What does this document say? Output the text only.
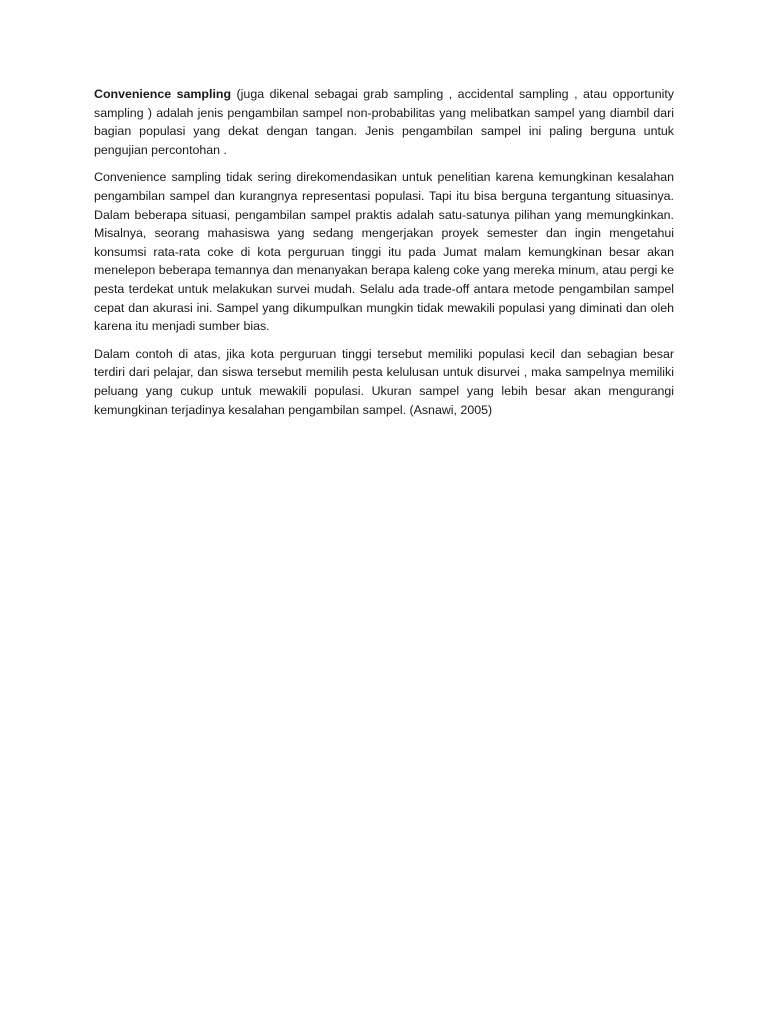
Convenience sampling (juga dikenal sebagai grab sampling , accidental sampling , atau opportunity sampling ) adalah jenis pengambilan sampel non-probabilitas yang melibatkan sampel yang diambil dari bagian populasi yang dekat dengan tangan. Jenis pengambilan sampel ini paling berguna untuk pengujian percontohan .

Convenience sampling tidak sering direkomendasikan untuk penelitian karena kemungkinan kesalahan pengambilan sampel dan kurangnya representasi populasi. Tapi itu bisa berguna tergantung situasinya. Dalam beberapa situasi, pengambilan sampel praktis adalah satu-satunya pilihan yang memungkinkan. Misalnya, seorang mahasiswa yang sedang mengerjakan proyek semester dan ingin mengetahui konsumsi rata-rata coke di kota perguruan tinggi itu pada Jumat malam kemungkinan besar akan menelepon beberapa temannya dan menanyakan berapa kaleng coke yang mereka minum, atau pergi ke pesta terdekat untuk melakukan survei mudah. Selalu ada trade-off antara metode pengambilan sampel cepat dan akurasi ini. Sampel yang dikumpulkan mungkin tidak mewakili populasi yang diminati dan oleh karena itu menjadi sumber bias.

Dalam contoh di atas, jika kota perguruan tinggi tersebut memiliki populasi kecil dan sebagian besar terdiri dari pelajar, dan siswa tersebut memilih pesta kelulusan untuk disurvei , maka sampelnya memiliki peluang yang cukup untuk mewakili populasi. Ukuran sampel yang lebih besar akan mengurangi kemungkinan terjadinya kesalahan pengambilan sampel. (Asnawi, 2005)
